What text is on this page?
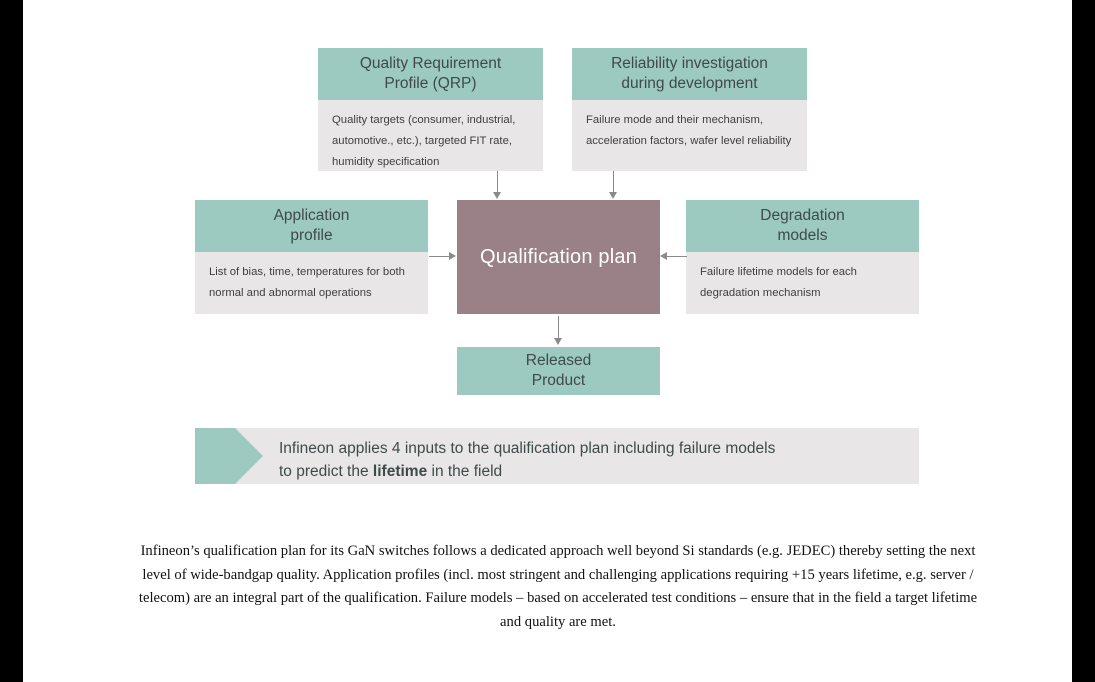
Quality Requirement
Profile (QRP)
Quality targets (consumer, industrial,
automotive., etc.), targeted FIT rate,
humidity specification
Reliability investigation
during development
Failure mode and their mechanism,
acceleration factors, wafer level reliability
Application
profile
List of bias, time, temperatures for both
normal and abnormal operations
Degradation
models
Failure lifetime models for each
degradation mechanism
Qualification plan
Released
Product
Infineon applies 4 inputs to the qualification plan including failure models
to predict the lifetime in the field
Infineon’s qualification plan for its GaN switches follows a dedicated approach well beyond Si standards (e.g. JEDEC) thereby setting the next level of wide-bandgap quality. Application profiles (incl. most stringent and challenging applications requiring +15 years lifetime, e.g. server / telecom) are an integral part of the qualification. Failure models – based on accelerated test conditions – ensure that in the field a target lifetime and quality are met.
